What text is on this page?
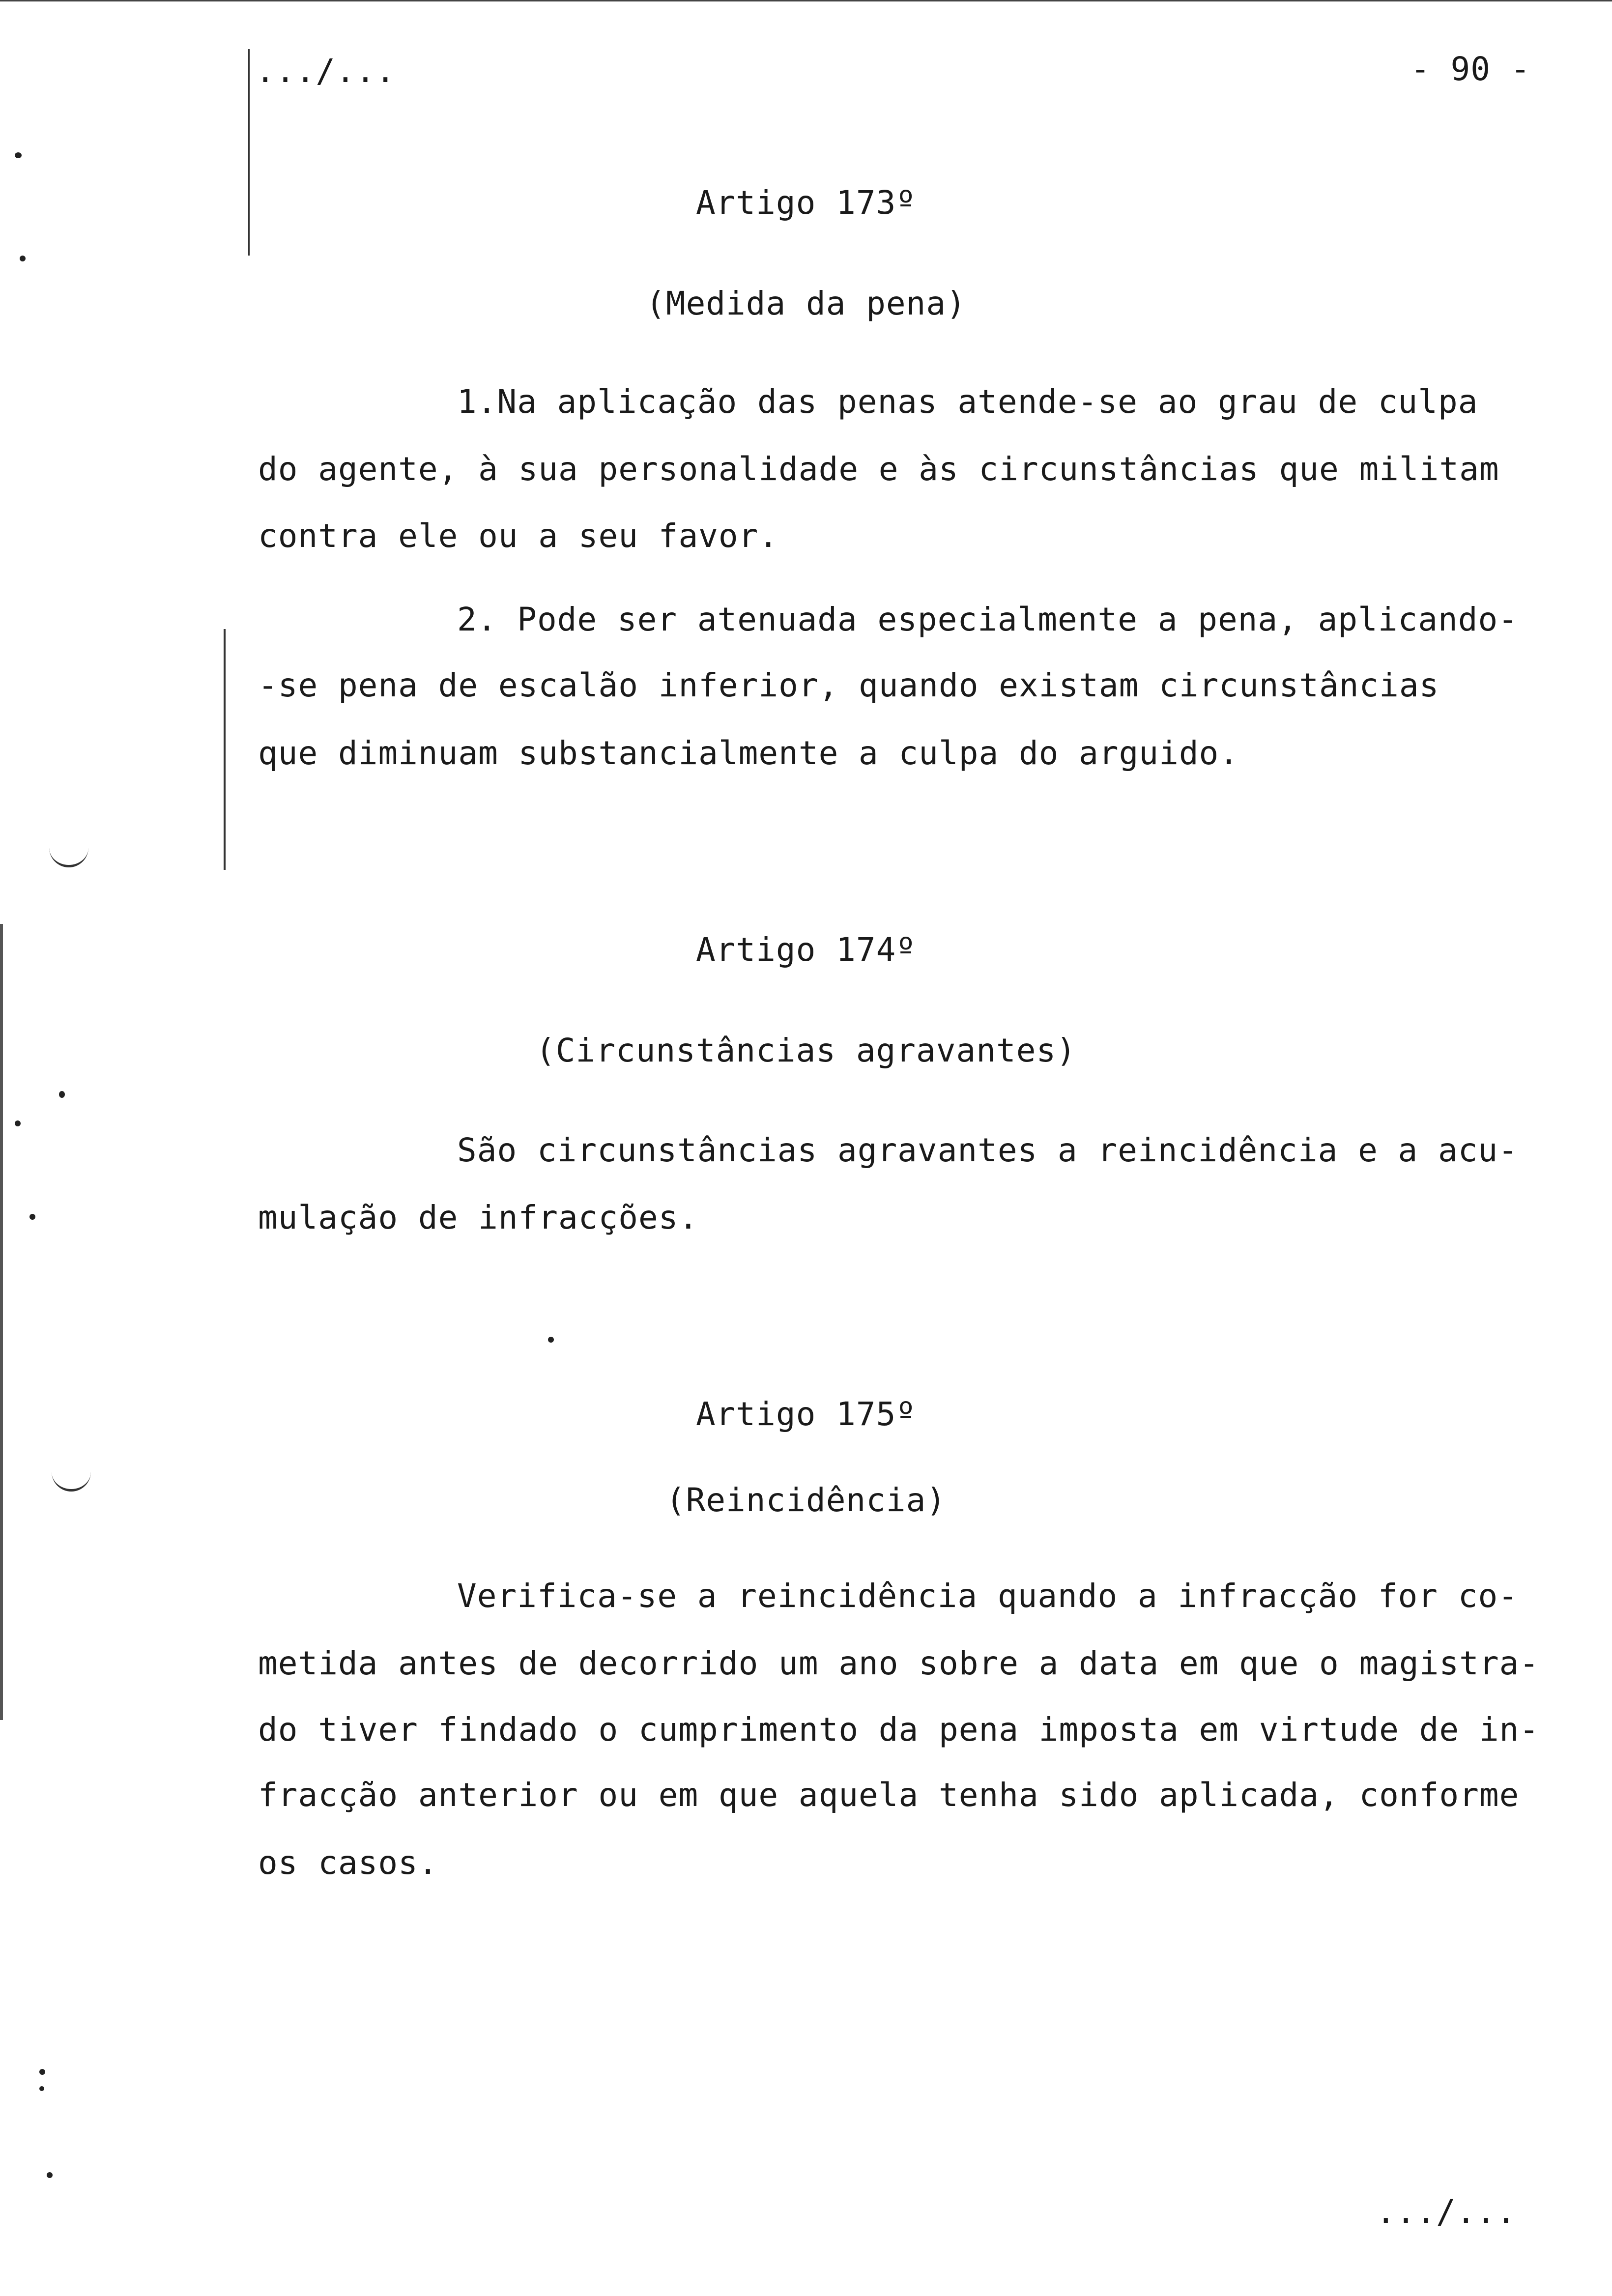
.../...	- 90 -
Artigo 173º
(Medida da pena)
1.Na aplicação das penas atende-se ao grau de culpa
do agente, à sua personalidade e às circunstâncias que militam
contra ele ou a seu favor.
2. Pode ser atenuada especialmente a pena, aplicando-
-se pena de escalão inferior, quando existam circunstâncias
que diminuam substancialmente a culpa do arguido.
Artigo 174º
(Circunstâncias agravantes)
São circunstâncias agravantes a reincidência e a acu-
mulação de infracções.
Artigo 175º
(Reincidência)
Verifica-se a reincidência quando a infracção for co-
metida antes de decorrido um ano sobre a data em que o magistra-
do tiver findado o cumprimento da pena imposta em virtude de in-
fracção anterior ou em que aquela tenha sido aplicada, conforme
os casos.
.../...
